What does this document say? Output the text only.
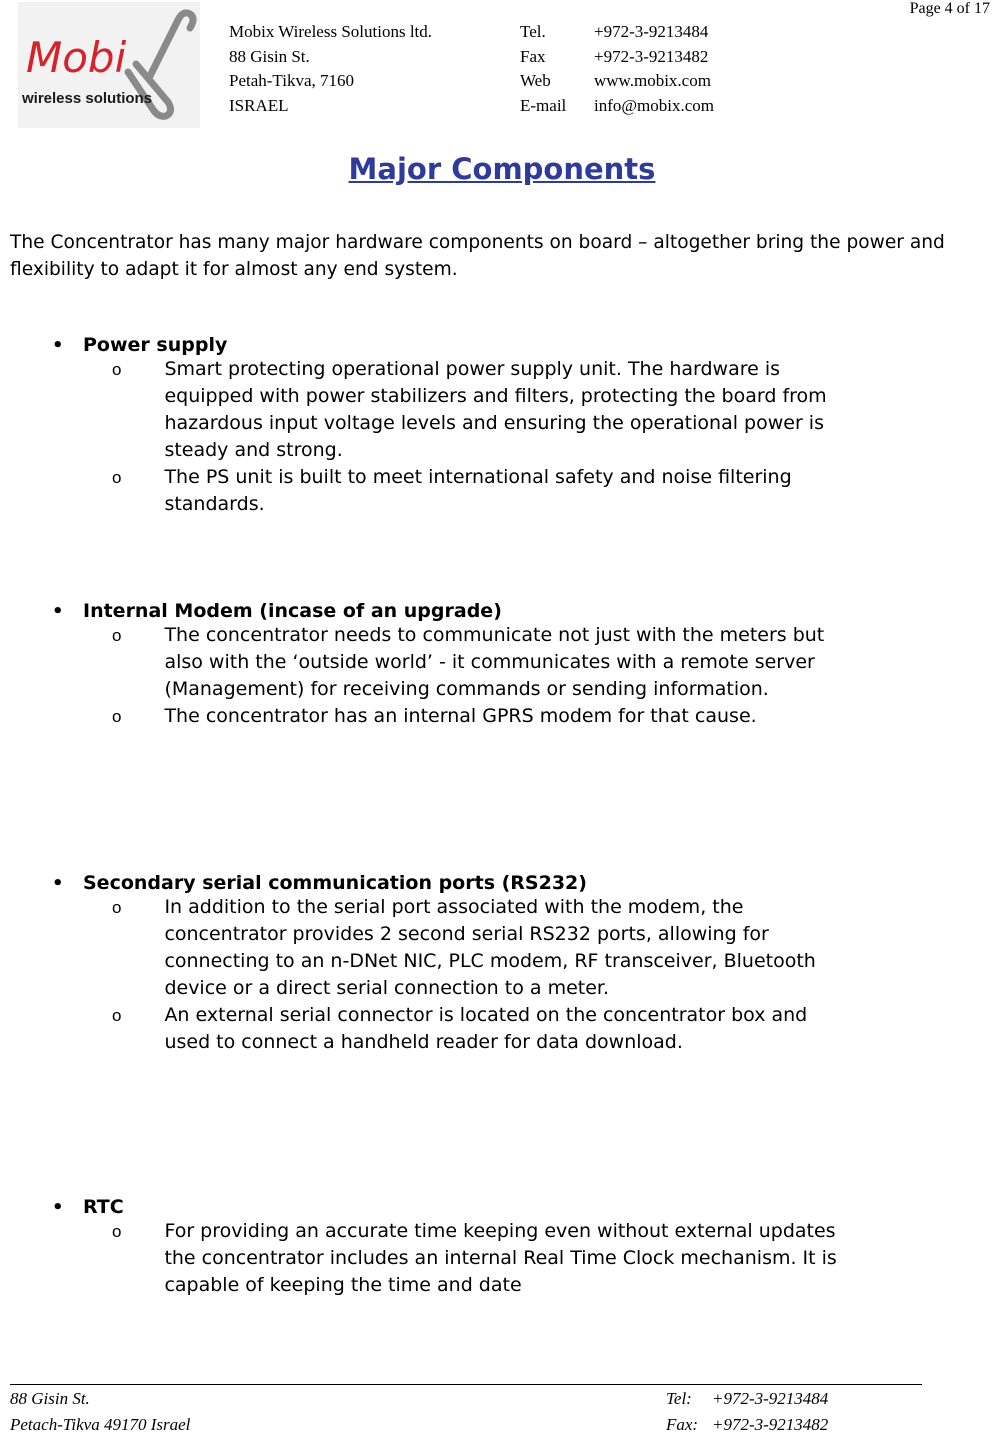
Page 4 of 17
Mobi
wireless solutions
Mobix Wireless Solutions ltd.
88 Gisin St.
Petah-Tikva, 7160
ISRAEL
Tel.	+972-3-9213484
Fax	+972-3-9213482
Web	www.mobix.com
E-mail	info@mobix.com
Major Components

The Concentrator has many major hardware components on board – altogether bring the power and flexibility to adapt it for almost any end system.

•	Power supply
o	Smart protecting operational power supply unit. The hardware is equipped with power stabilizers and filters, protecting the board from hazardous input voltage levels and ensuring the operational power is steady and strong.
o	The PS unit is built to meet international safety and noise filtering standards.
•	Internal Modem (incase of an upgrade)
o	The concentrator needs to communicate not just with the meters but also with the ‘outside world’ - it communicates with a remote server (Management) for receiving commands or sending information.
o	The concentrator has an internal GPRS modem for that cause.
•	Secondary serial communication ports (RS232)
o	In addition to the serial port associated with the modem, the concentrator provides 2 second serial RS232 ports, allowing for connecting to an n-DNet NIC, PLC modem, RF transceiver, Bluetooth device or a direct serial connection to a meter.
o	An external serial connector is located on the concentrator box and used to connect a handheld reader for data download.
•	RTC
o	For providing an accurate time keeping even without external updates the concentrator includes an internal Real Time Clock mechanism. It is capable of keeping the time and date
88 Gisin St.
Petach-Tikva 49170 Israel
Tel:	+972-3-9213484
Fax: +972-3-9213482
